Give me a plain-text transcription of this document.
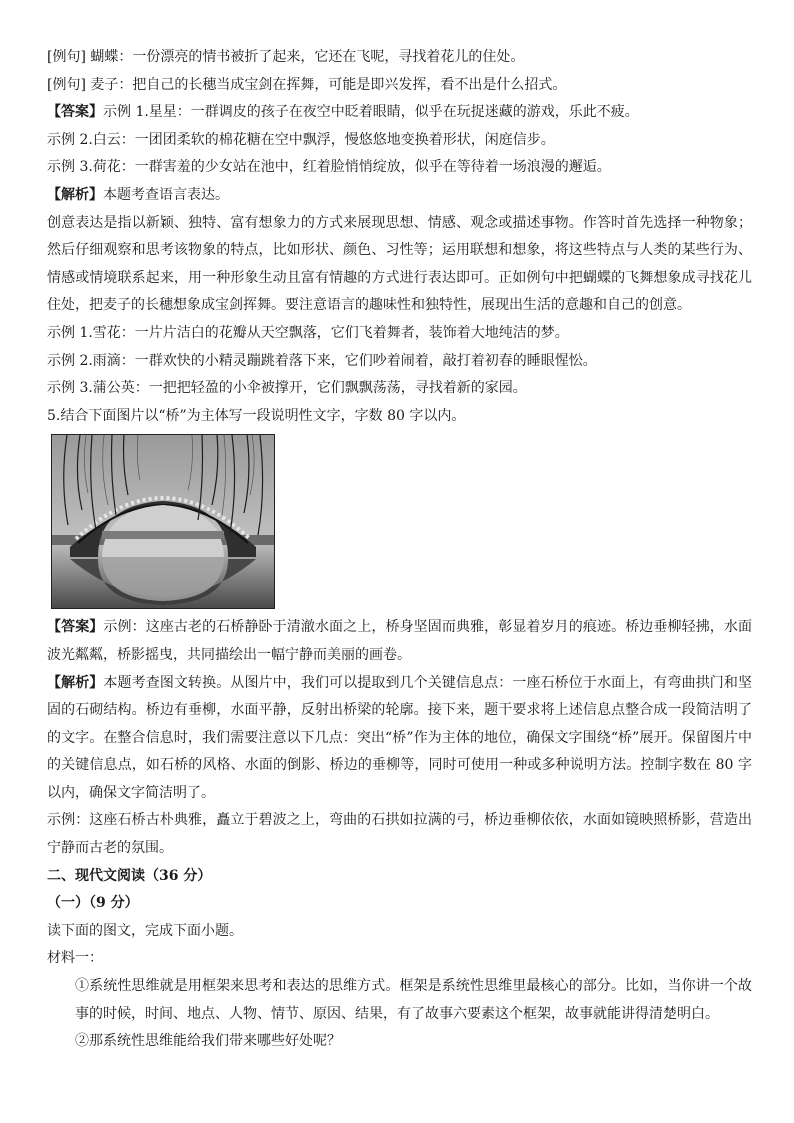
[例句] 蝴蝶：一份漂亮的情书被折了起来，它还在飞呢，寻找着花儿的住处。
[例句] 麦子：把自己的长穗当成宝剑在挥舞，可能是即兴发挥，看不出是什么招式。
【答案】示例 1.星星：一群调皮的孩子在夜空中眨着眼睛，似乎在玩捉迷藏的游戏，乐此不疲。
示例 2.白云：一团团柔软的棉花糖在空中飘浮，慢悠悠地变换着形状，闲庭信步。
示例 3.荷花：一群害羞的少女站在池中，红着脸悄悄绽放，似乎在等待着一场浪漫的邂逅。
【解析】本题考查语言表达。
创意表达是指以新颖、独特、富有想象力的方式来展现思想、情感、观念或描述事物。作答时首先选择一种物象；然后仔细观察和思考该物象的特点，比如形状、颜色、习性等；运用联想和想象，将这些特点与人类的某些行为、情感或情境联系起来，用一种形象生动且富有情趣的方式进行表达即可。正如例句中把蝴蝶的飞舞想象成寻找花儿住处，把麦子的长穗想象成宝剑挥舞。要注意语言的趣味性和独特性，展现出生活的意趣和自己的创意。
示例 1.雪花：一片片洁白的花瓣从天空飘落，它们飞着舞者，装饰着大地纯洁的梦。
示例 2.雨滴：一群欢快的小精灵蹦跳着落下来，它们吵着闹着，敲打着初春的睡眼惺忪。
示例 3.蒲公英：一把把轻盈的小伞被撑开，它们飘飘荡荡，寻找着新的家园。
5.结合下面图片以“桥”为主体写一段说明性文字，字数 80 字以内。
【答案】示例：这座古老的石桥静卧于清澈水面之上，桥身坚固而典雅，彰显着岁月的痕迹。桥边垂柳轻拂，水面波光粼粼，桥影摇曳，共同描绘出一幅宁静而美丽的画卷。
【解析】本题考查图文转换。从图片中，我们可以提取到几个关键信息点：一座石桥位于水面上，有弯曲拱门和坚固的石砌结构。桥边有垂柳，水面平静，反射出桥梁的轮廓。接下来，题干要求将上述信息点整合成一段简洁明了的文字。在整合信息时，我们需要注意以下几点：突出“桥”作为主体的地位，确保文字围绕“桥”展开。保留图片中的关键信息点，如石桥的风格、水面的倒影、桥边的垂柳等，同时可使用一种或多种说明方法。控制字数在 80 字以内，确保文字简洁明了。
示例：这座石桥古朴典雅，矗立于碧波之上，弯曲的石拱如拉满的弓，桥边垂柳依依，水面如镜映照桥影，营造出宁静而古老的氛围。
二、现代文阅读（36 分）
（一）（9 分）
读下面的图文，完成下面小题。
材料一：
①系统性思维就是用框架来思考和表达的思维方式。框架是系统性思维里最核心的部分。比如，当你讲一个故事的时候，时间、地点、人物、情节、原因、结果，有了故事六要素这个框架，故事就能讲得清楚明白。
②那系统性思维能给我们带来哪些好处呢？
